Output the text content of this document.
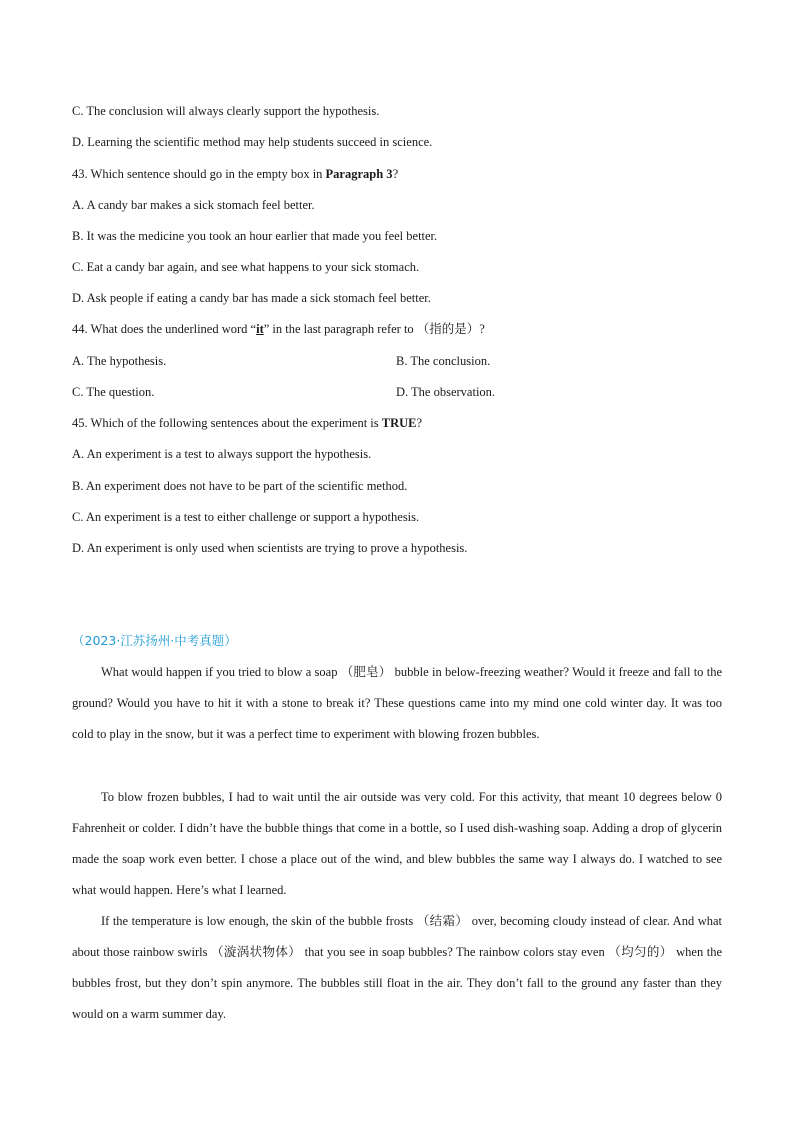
C. The conclusion will always clearly support the hypothesis.
D. Learning the scientific method may help students succeed in science.
43. Which sentence should go in the empty box in Paragraph 3?
A. A candy bar makes a sick stomach feel better.
B. It was the medicine you took an hour earlier that made you feel better.
C. Eat a candy bar again, and see what happens to your sick stomach.
D. Ask people if eating a candy bar has made a sick stomach feel better.
44. What does the underlined word “it” in the last paragraph refer to （指的是）?
A. The hypothesis.	B. The conclusion.
C. The question.	D. The observation.
45. Which of the following sentences about the experiment is TRUE?
A. An experiment is a test to always support the hypothesis.
B. An experiment does not have to be part of the scientific method.
C. An experiment is a test to either challenge or support a hypothesis.
D. An experiment is only used when scientists are trying to prove a hypothesis.
（2023·江苏扬州·中考真题）
What would happen if you tried to blow a soap （肥皂） bubble in below-freezing weather? Would it freeze and fall to the ground? Would you have to hit it with a stone to break it? These questions came into my mind one cold winter day. It was too cold to play in the snow, but it was a perfect time to experiment with blowing frozen bubbles.
To blow frozen bubbles, I had to wait until the air outside was very cold. For this activity, that meant 10 degrees below 0 Fahrenheit or colder. I didn’t have the bubble things that come in a bottle, so I used dish-washing soap. Adding a drop of glycerin made the soap work even better. I chose a place out of the wind, and blew bubbles the same way I always do. I watched to see what would happen. Here’s what I learned.
If the temperature is low enough, the skin of the bubble frosts （结霜） over, becoming cloudy instead of clear. And what about those rainbow swirls （漩涡状物体） that you see in soap bubbles? The rainbow colors stay even （均匀的） when the bubbles frost, but they don’t spin anymore. The bubbles still float in the air. They don’t fall to the ground any faster than they would on a warm summer day.
